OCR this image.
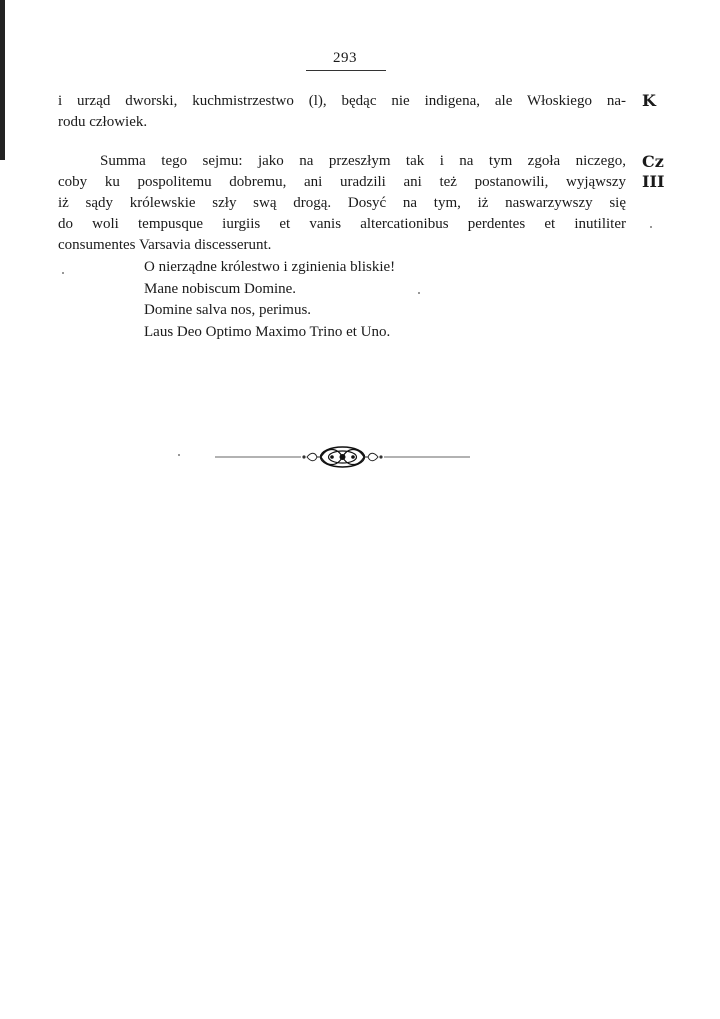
293
i urząd dworski, kuchmistrzestwo (l), będąc nie indigena, ale Włoskiego na-
rodu człowiek.
Summa tego sejmu: jako na przeszłym tak i na tym zgoła niczego,
coby ku pospolitemu dobremu, ani uradzili ani też postanowili, wyjąwszy
iż sądy królewskie szły swą drogą. Dosyć na tym, iż naswarzywszy się
do woli tempusque iurgiis et vanis altercationibus perdentes et inutiliter
consumentes Varsavia discesserunt.
O nierządne królestwo i zginienia bliskie!
Mane nobiscum Domine.
Domine salva nos, perimus.
Laus Deo Optimo Maximo Trino et Uno.
K
Cz
III
